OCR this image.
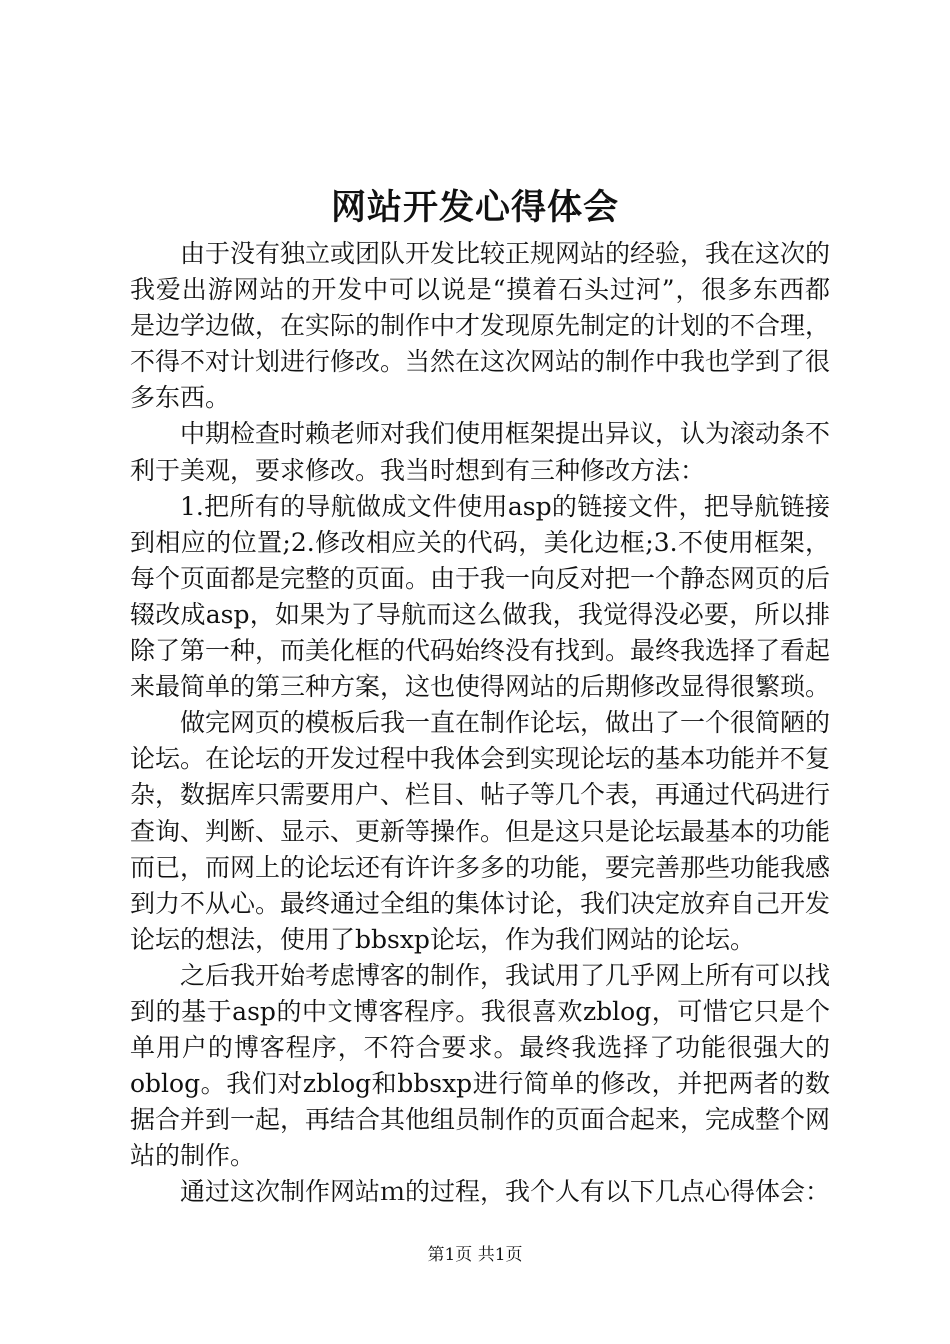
网站开发心得体会

由于没有独立或团队开发比较正规网站的经验，我在这次的我爱出游网站的开发中可以说是“摸着石头过河”，很多东西都是边学边做，在实际的制作中才发现原先制定的计划的不合理，不得不对计划进行修改。当然在这次网站的制作中我也学到了很多东西。

中期检查时赖老师对我们使用框架提出异议，认为滚动条不利于美观，要求修改。我当时想到有三种修改方法：

1.把所有的导航做成文件使用asp的链接文件，把导航链接到相应的位置;2.修改相应关的代码，美化边框;3.不使用框架，每个页面都是完整的页面。由于我一向反对把一个静态网页的后辍改成asp，如果为了导航而这么做我，我觉得没必要，所以排除了第一种，而美化框的代码始终没有找到。最终我选择了看起来最简单的第三种方案，这也使得网站的后期修改显得很繁琐。

做完网页的模板后我一直在制作论坛，做出了一个很简陋的论坛。在论坛的开发过程中我体会到实现论坛的基本功能并不复杂，数据库只需要用户、栏目、帖子等几个表，再通过代码进行查询、判断、显示、更新等操作。但是这只是论坛最基本的功能而已，而网上的论坛还有许许多多的功能，要完善那些功能我感到力不从心。最终通过全组的集体讨论，我们决定放弃自己开发论坛的想法，使用了bbsxp论坛，作为我们网站的论坛。

之后我开始考虑博客的制作，我试用了几乎网上所有可以找到的基于asp的中文博客程序。我很喜欢zblog，可惜它只是个单用户的博客程序，不符合要求。最终我选择了功能很强大的oblog。我们对zblog和bbsxp进行简单的修改，并把两者的数据合并到一起，再结合其他组员制作的页面合起来，完成整个网站的制作。

通过这次制作网站ｍ的过程，我个人有以下几点心得体会：

第1页 共1页
